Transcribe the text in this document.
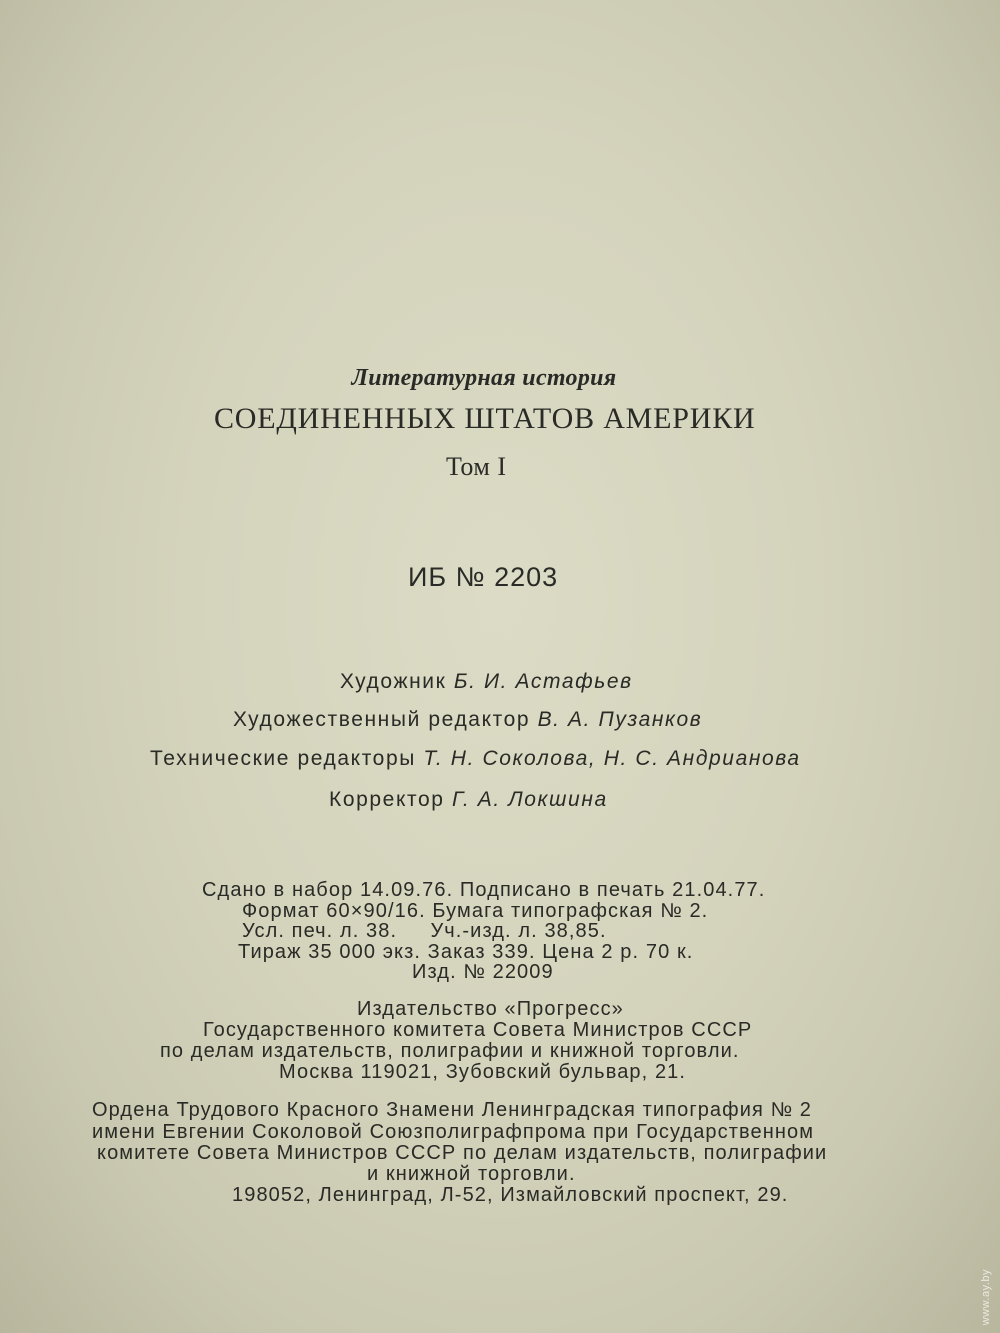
Литературная история
СОЕДИНЕННЫХ ШТАТОВ АМЕРИКИ
Том I
ИБ № 2203
Художник Б. И. Астафьев
Художественный редактор В. А. Пузанков
Технические редакторы Т. Н. Соколова, Н. С. Андрианова
Корректор Г. А. Локшина
Сдано в набор 14.09.76. Подписано в печать 21.04.77.
Формат 60×90/16. Бумага типографская № 2.
Усл. печ. л. 38.     Уч.-изд. л. 38,85.
Тираж 35 000 экз. Заказ 339. Цена 2 р. 70 к.
Изд. № 22009
Издательство «Прогресс»
Государственного комитета Совета Министров СССР
по делам издательств, полиграфии и книжной торговли.
Москва 119021, Зубовский бульвар, 21.
Ордена Трудового Красного Знамени Ленинградская типография № 2
имени Евгении Соколовой Союзполиграфпрома при Государственном
комитете Совета Министров СССР по делам издательств, полиграфии
и книжной торговли.
198052, Ленинград, Л-52, Измайловский проспект, 29.
www.ay.by
